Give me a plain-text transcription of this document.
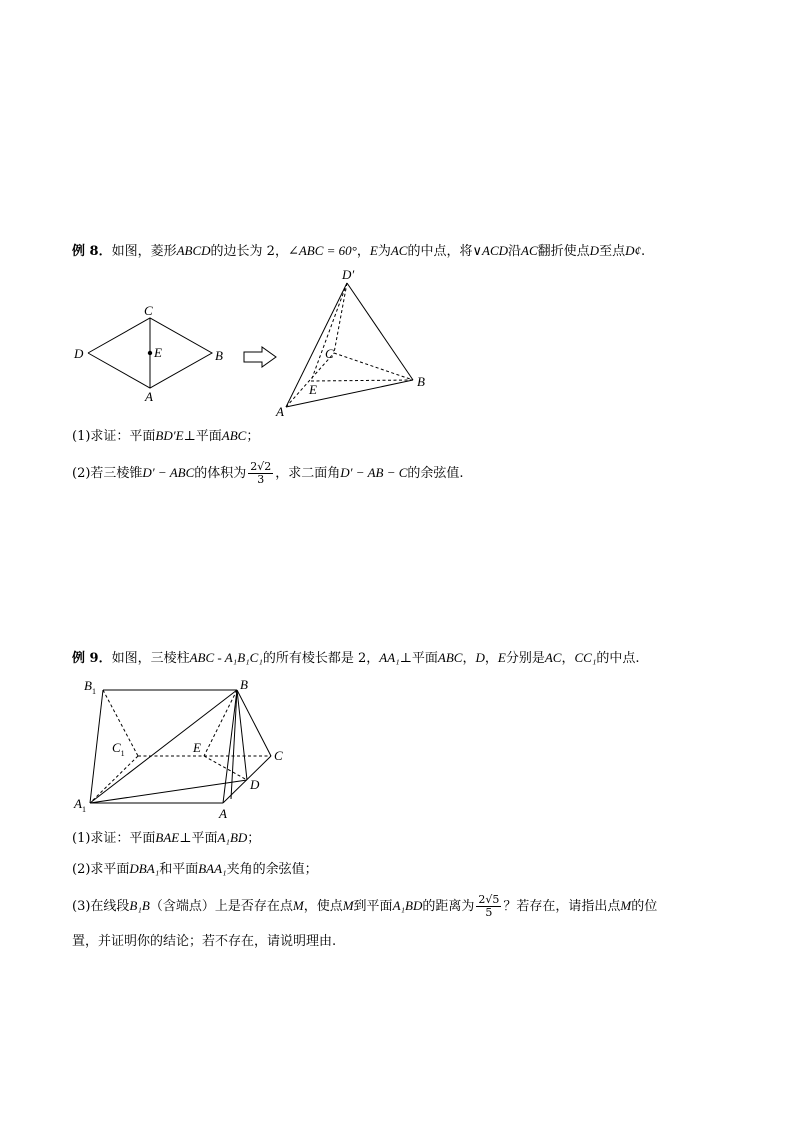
例 8．如图，菱形ABCD的边长为 2，∠ABC = 60°，E为AC的中点，将∨ACD沿AC翻折使点D至点D¢.
C
D	E	B
A
D′
C
E
B
A
(1)求证：平面BD′E⊥平面ABC；
(2)若三棱锥D′ − ABC的体积为 $\frac{2√2}{3}$ ，求二面角D′ − AB − C的余弦值.
例 9．如图，三棱柱ABC - A₁B₁C₁的所有棱长都是 2，AA₁⊥平面ABC，D，E分别是AC，CC₁的中点.
$B_1$	B
$C_1$	E
C
D
$A_1$	A
(1)求证：平面BAE⊥平面A₁BD；
(2)求平面DBA₁和平面BAA₁夹角的余弦值；
(3)在线段B₁B（含端点）上是否存在点M，使点M到平面A₁BD的距离为 $\frac{2√5}{5}$ ？若存在，请指出点M的位
置，并证明你的结论；若不存在，请说明理由.
